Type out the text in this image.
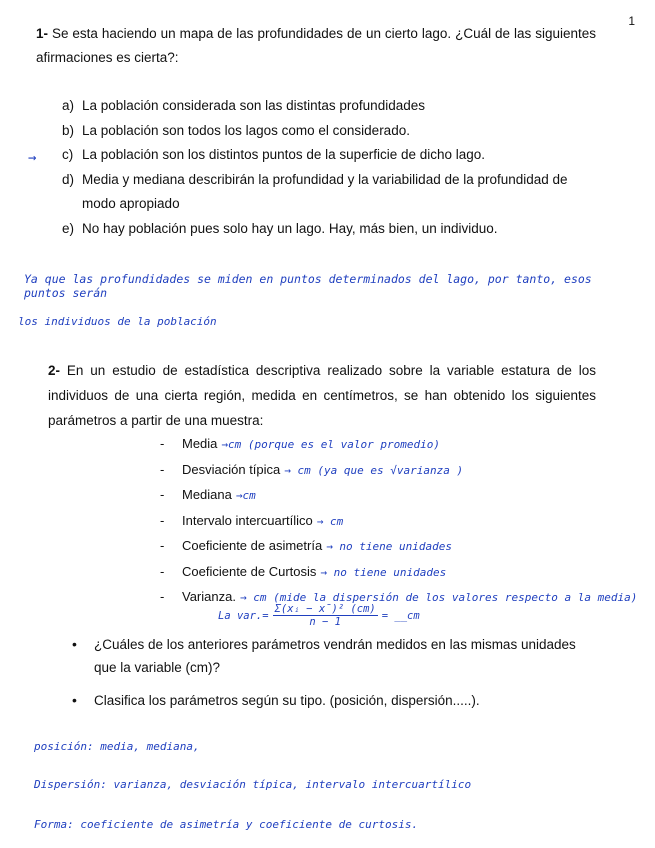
1
1- Se esta haciendo un mapa de las profundidades de un cierto lago. ¿Cuál de las siguientes afirmaciones es cierta?:
→
a) La población considerada son las distintas profundidades
b) La población son todos los lagos como el considerado.
c) La población son los distintos puntos de la superficie de dicho lago.
d) Media y mediana describirán la profundidad y la variabilidad de la profundidad de modo apropiado
e) No hay población pues solo hay un lago. Hay, más bien, un individuo.
Ya que las profundidades se miden en puntos determinados del lago, por tanto, esos puntos serán
los individuos de la población
2- En un estudio de estadística descriptiva realizado sobre la variable estatura de los individuos de una cierta región, medida en centímetros, se han obtenido los siguientes parámetros a partir de una muestra:
-	Media →cm (porque es el valor promedio)
-	Desviación típica → cm (ya que es √varianza )
-	Mediana →cm
-	Intervalo intercuartílico → cm
-	Coeficiente de asimetría → no tiene unidades
-	Coeficiente de Curtosis → no tiene unidades
-	Varianza. → cm (mide la dispersión de los valores respecto a la media)
La $var.= \frac{\text{Σ(xᵢ − x̄)² (cm)}}{n - 1}$ = __cm
•	¿Cuáles de los anteriores parámetros vendrán medidos en las mismas unidades que la variable (cm)?
•	Clasifica los parámetros según su tipo. (posición, dispersión.....).
posición: media, mediana,
Dispersión: varianza, desviación típica, intervalo intercuartílico
Forma: coeficiente de asimetría y coeficiente de curtosis.
